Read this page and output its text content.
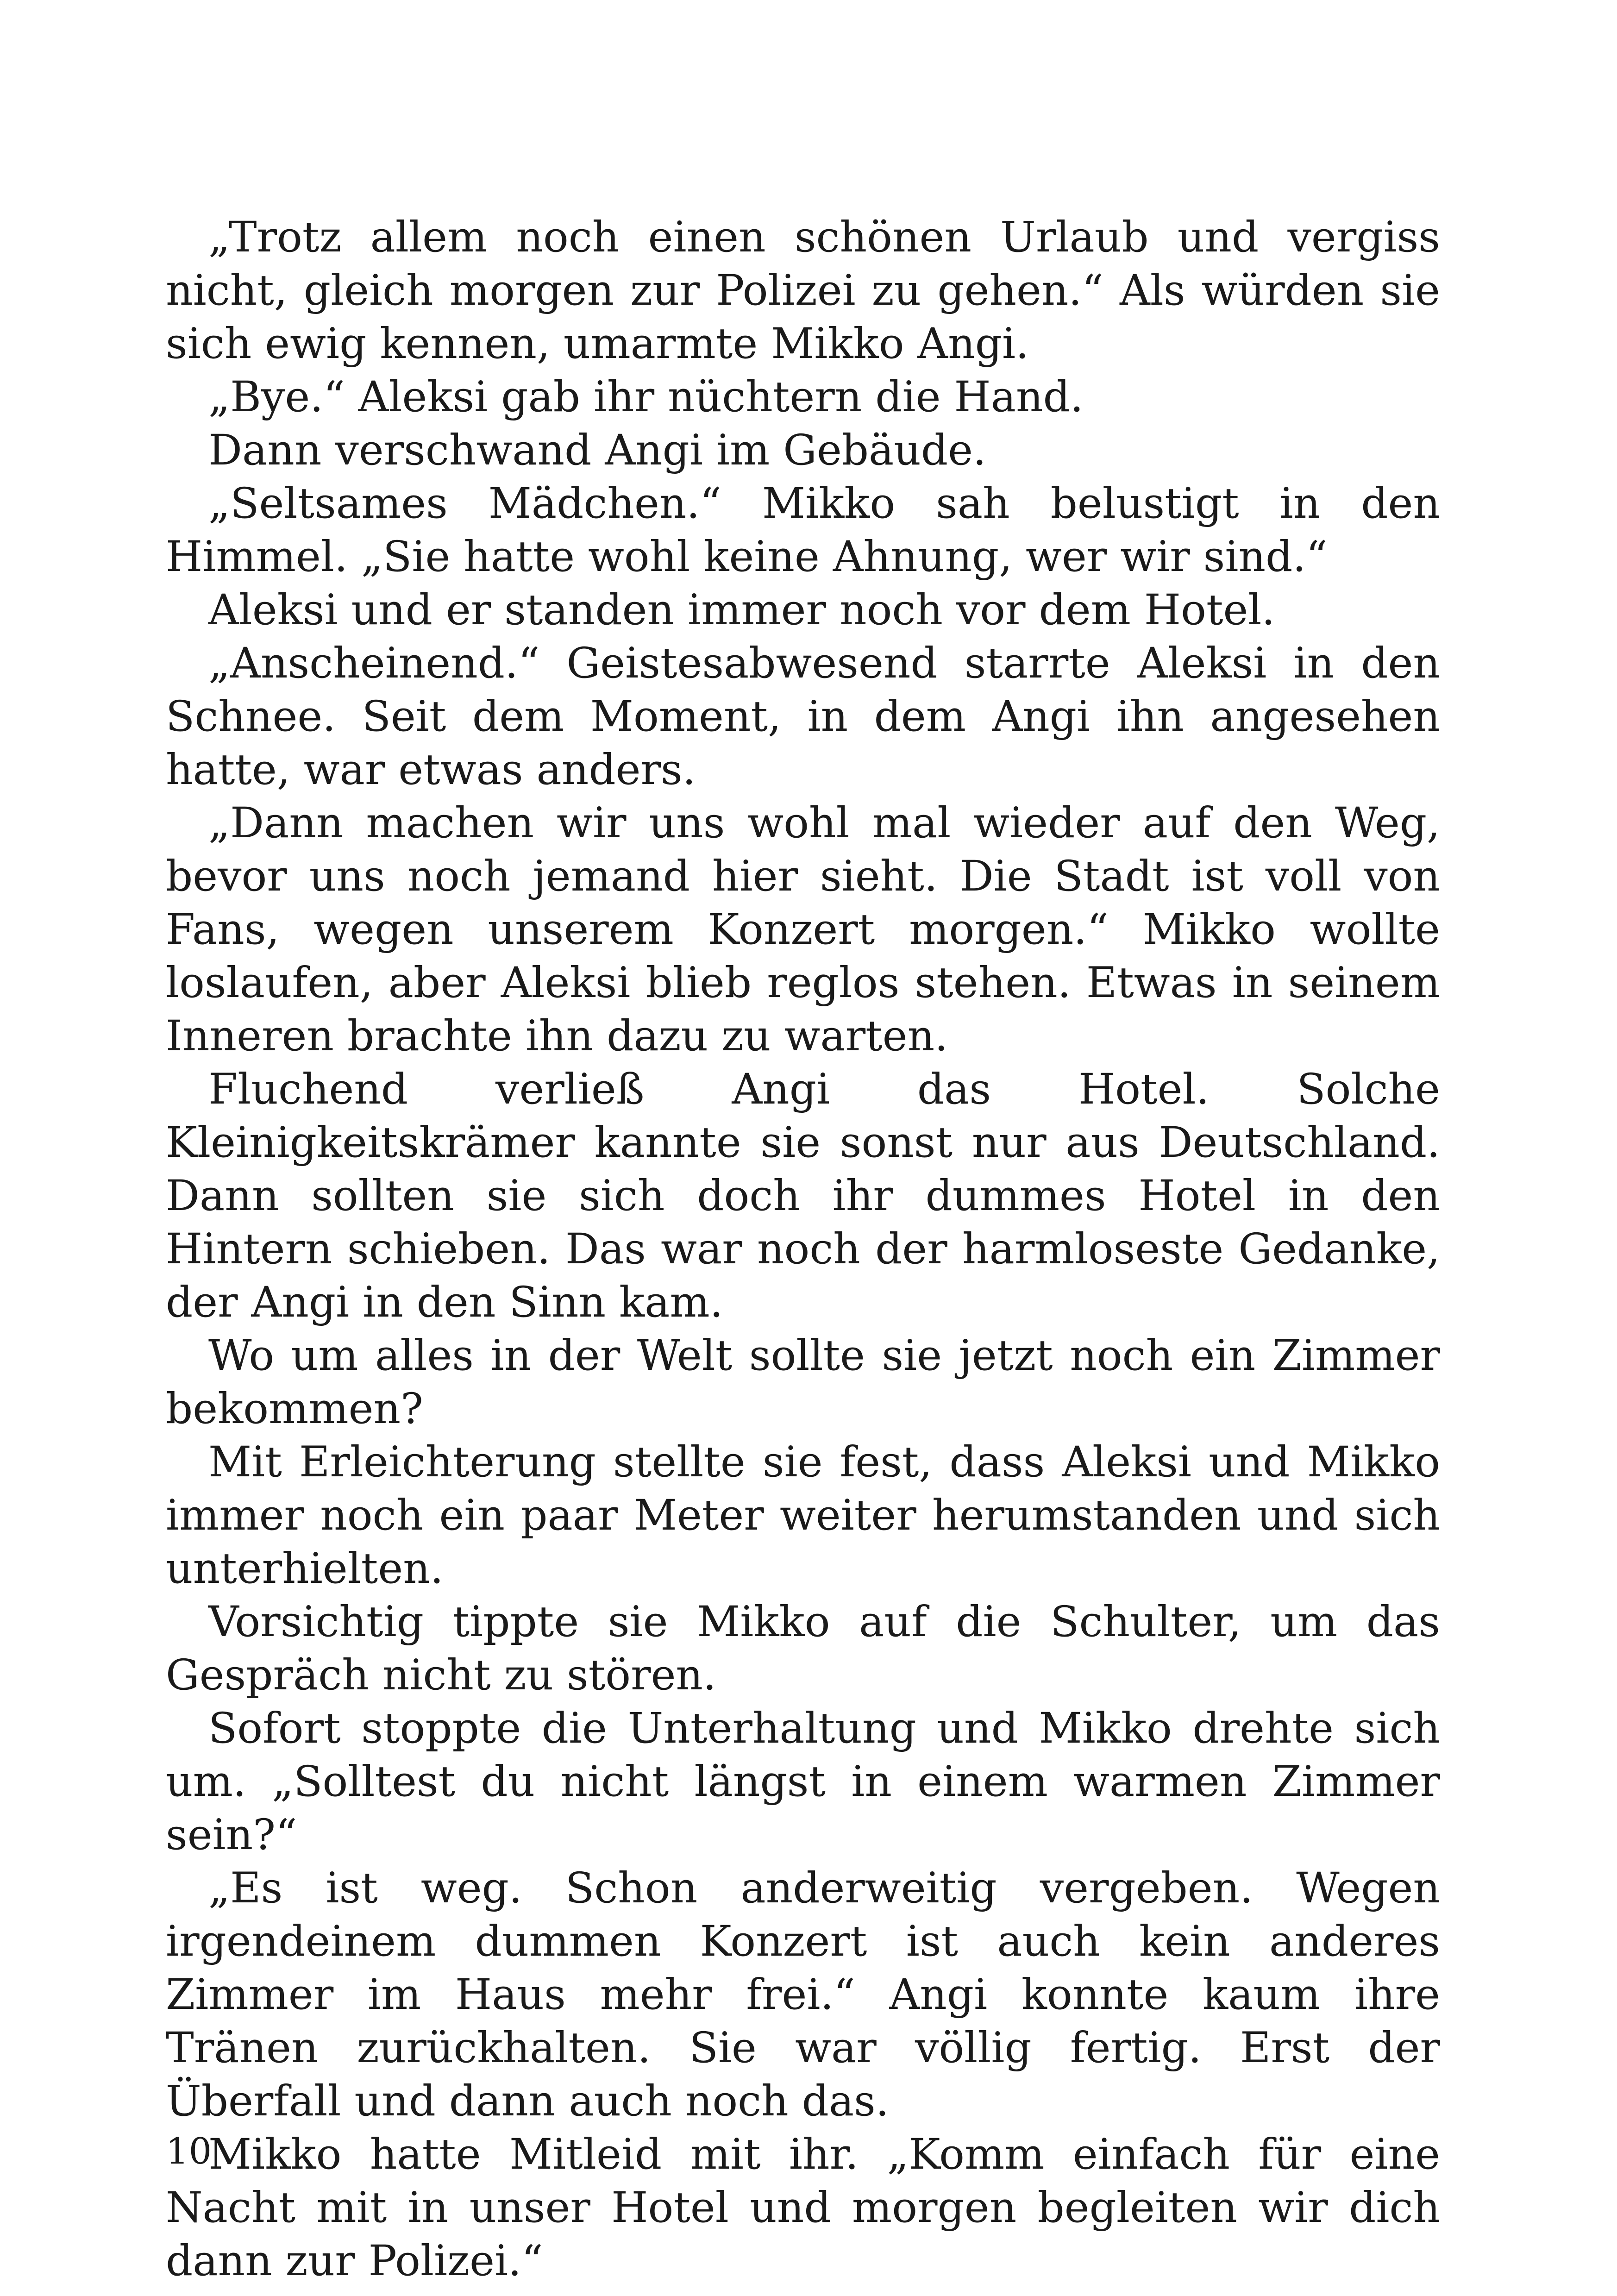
„Trotz allem noch einen schönen Urlaub und vergiss nicht, gleich morgen zur Polizei zu gehen.“ Als würden sie sich ewig kennen, umarmte Mikko Angi.

„Bye.“ Aleksi gab ihr nüchtern die Hand.

Dann verschwand Angi im Gebäude.

„Seltsames Mädchen.“ Mikko sah belustigt in den Himmel. „Sie hatte wohl keine Ahnung, wer wir sind.“

Aleksi und er standen immer noch vor dem Hotel.

„Anscheinend.“ Geistesabwesend starrte Aleksi in den Schnee. Seit dem Moment, in dem Angi ihn angesehen hatte, war etwas anders.

„Dann machen wir uns wohl mal wieder auf den Weg, bevor uns noch jemand hier sieht. Die Stadt ist voll von Fans, wegen unserem Konzert morgen.“ Mikko wollte loslaufen, aber Aleksi blieb reglos stehen. Etwas in seinem Inneren brachte ihn dazu zu warten.

Fluchend verließ Angi das Hotel. Solche Kleinigkeitskrämer kannte sie sonst nur aus Deutschland. Dann sollten sie sich doch ihr dummes Hotel in den Hintern schieben. Das war noch der harmloseste Gedanke, der Angi in den Sinn kam.

Wo um alles in der Welt sollte sie jetzt noch ein Zimmer bekommen?

Mit Erleichterung stellte sie fest, dass Aleksi und Mikko immer noch ein paar Meter weiter herumstanden und sich unterhielten.

Vorsichtig tippte sie Mikko auf die Schulter, um das Gespräch nicht zu stören.

Sofort stoppte die Unterhaltung und Mikko drehte sich um. „Solltest du nicht längst in einem warmen Zimmer sein?“

„Es ist weg. Schon anderweitig vergeben. Wegen irgendeinem dummen Konzert ist auch kein anderes Zimmer im Haus mehr frei.“ Angi konnte kaum ihre Tränen zurückhalten. Sie war völlig fertig. Erst der Überfall und dann auch noch das.

Mikko hatte Mitleid mit ihr. „Komm einfach für eine Nacht mit in unser Hotel und morgen begleiten wir dich dann zur Polizei.“

10
